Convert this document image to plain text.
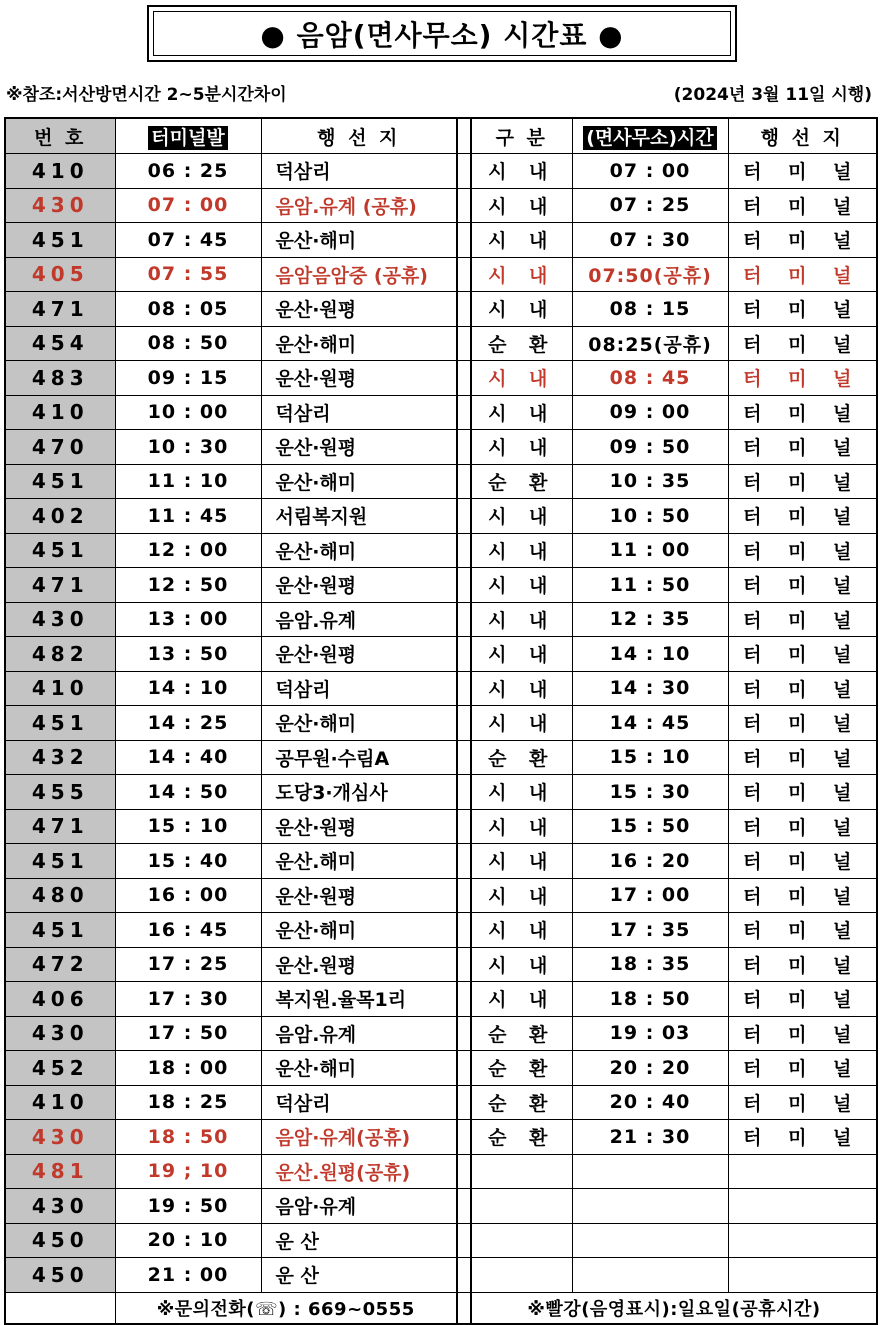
● 음암(면사무소) 시간표 ●
※참조:서산방면시간 2~5분시간차이	(2024년 3월 11일 시행)
번 호	터미널발	행 선 지		구 분	(면사무소)시간	행 선 지
410	06 : 25	덕삼리		시 내	07 : 00	터 미 널
430	07 : 00	음암.유계 (공휴)		시 내	07 : 25	터 미 널
451	07 : 45	운산·해미		시 내	07 : 30	터 미 널
405	07 : 55	음암음암중 (공휴)		시 내	07:50(공휴)	터 미 널
471	08 : 05	운산·원평		시 내	08 : 15	터 미 널
454	08 : 50	운산·해미		순 환	08:25(공휴)	터 미 널
483	09 : 15	운산·원평		시 내	08 : 45	터 미 널
410	10 : 00	덕삼리		시 내	09 : 00	터 미 널
470	10 : 30	운산·원평		시 내	09 : 50	터 미 널
451	11 : 10	운산·해미		순 환	10 : 35	터 미 널
402	11 : 45	서림복지원		시 내	10 : 50	터 미 널
451	12 : 00	운산·해미		시 내	11 : 00	터 미 널
471	12 : 50	운산·원평		시 내	11 : 50	터 미 널
430	13 : 00	음암.유계		시 내	12 : 35	터 미 널
482	13 : 50	운산·원평		시 내	14 : 10	터 미 널
410	14 : 10	덕삼리		시 내	14 : 30	터 미 널
451	14 : 25	운산·해미		시 내	14 : 45	터 미 널
432	14 : 40	공무원·수림A		순 환	15 : 10	터 미 널
455	14 : 50	도당3·개심사		시 내	15 : 30	터 미 널
471	15 : 10	운산·원평		시 내	15 : 50	터 미 널
451	15 : 40	운산.해미		시 내	16 : 20	터 미 널
480	16 : 00	운산·원평		시 내	17 : 00	터 미 널
451	16 : 45	운산·해미		시 내	17 : 35	터 미 널
472	17 : 25	운산.원평		시 내	18 : 35	터 미 널
406	17 : 30	복지원.율목1리		시 내	18 : 50	터 미 널
430	17 : 50	음암.유계		순 환	19 : 03	터 미 널
452	18 : 00	운산·해미		순 환	20 : 20	터 미 널
410	18 : 25	덕삼리		순 환	20 : 40	터 미 널
430	18 : 50	음암·유계(공휴)		순 환	21 : 30	터 미 널
481	19 ; 10	운산.원평(공휴)				
430	19 : 50	음암·유계				
450	20 : 10	운 산				
450	21 : 00	운 산				
	※문의전화(☏) : 669~0555			※빨강(음영표시):일요일(공휴시간)		
